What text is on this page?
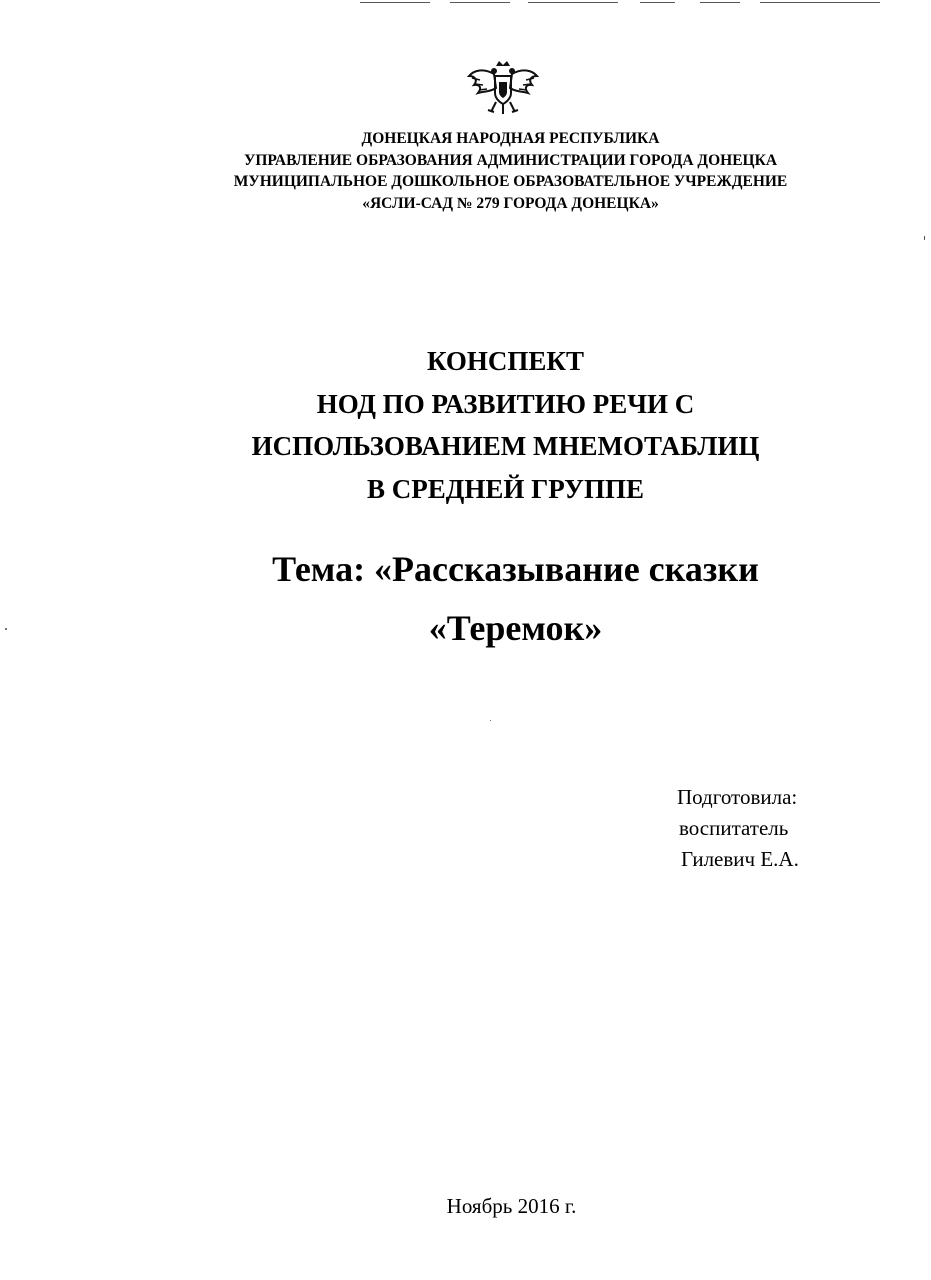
ДОНЕЦКАЯ НАРОДНАЯ РЕСПУБЛИКА
УПРАВЛЕНИЕ ОБРАЗОВАНИЯ АДМИНИСТРАЦИИ ГОРОДА ДОНЕЦКА
МУНИЦИПАЛЬНОЕ ДОШКОЛЬНОЕ ОБРАЗОВАТЕЛЬНОЕ УЧРЕЖДЕНИЕ
«ЯСЛИ-САД № 279 ГОРОДА ДОНЕЦКА»
КОНСПЕКТ
НОД ПО РАЗВИТИЮ РЕЧИ С
ИСПОЛЬЗОВАНИЕМ МНЕМОТАБЛИЦ
В СРЕДНЕЙ ГРУППЕ
Тема: «Рассказывание сказки
«Теремок»
Подготовила:
воспитатель
Гилевич Е.А.
Ноябрь 2016 г.
